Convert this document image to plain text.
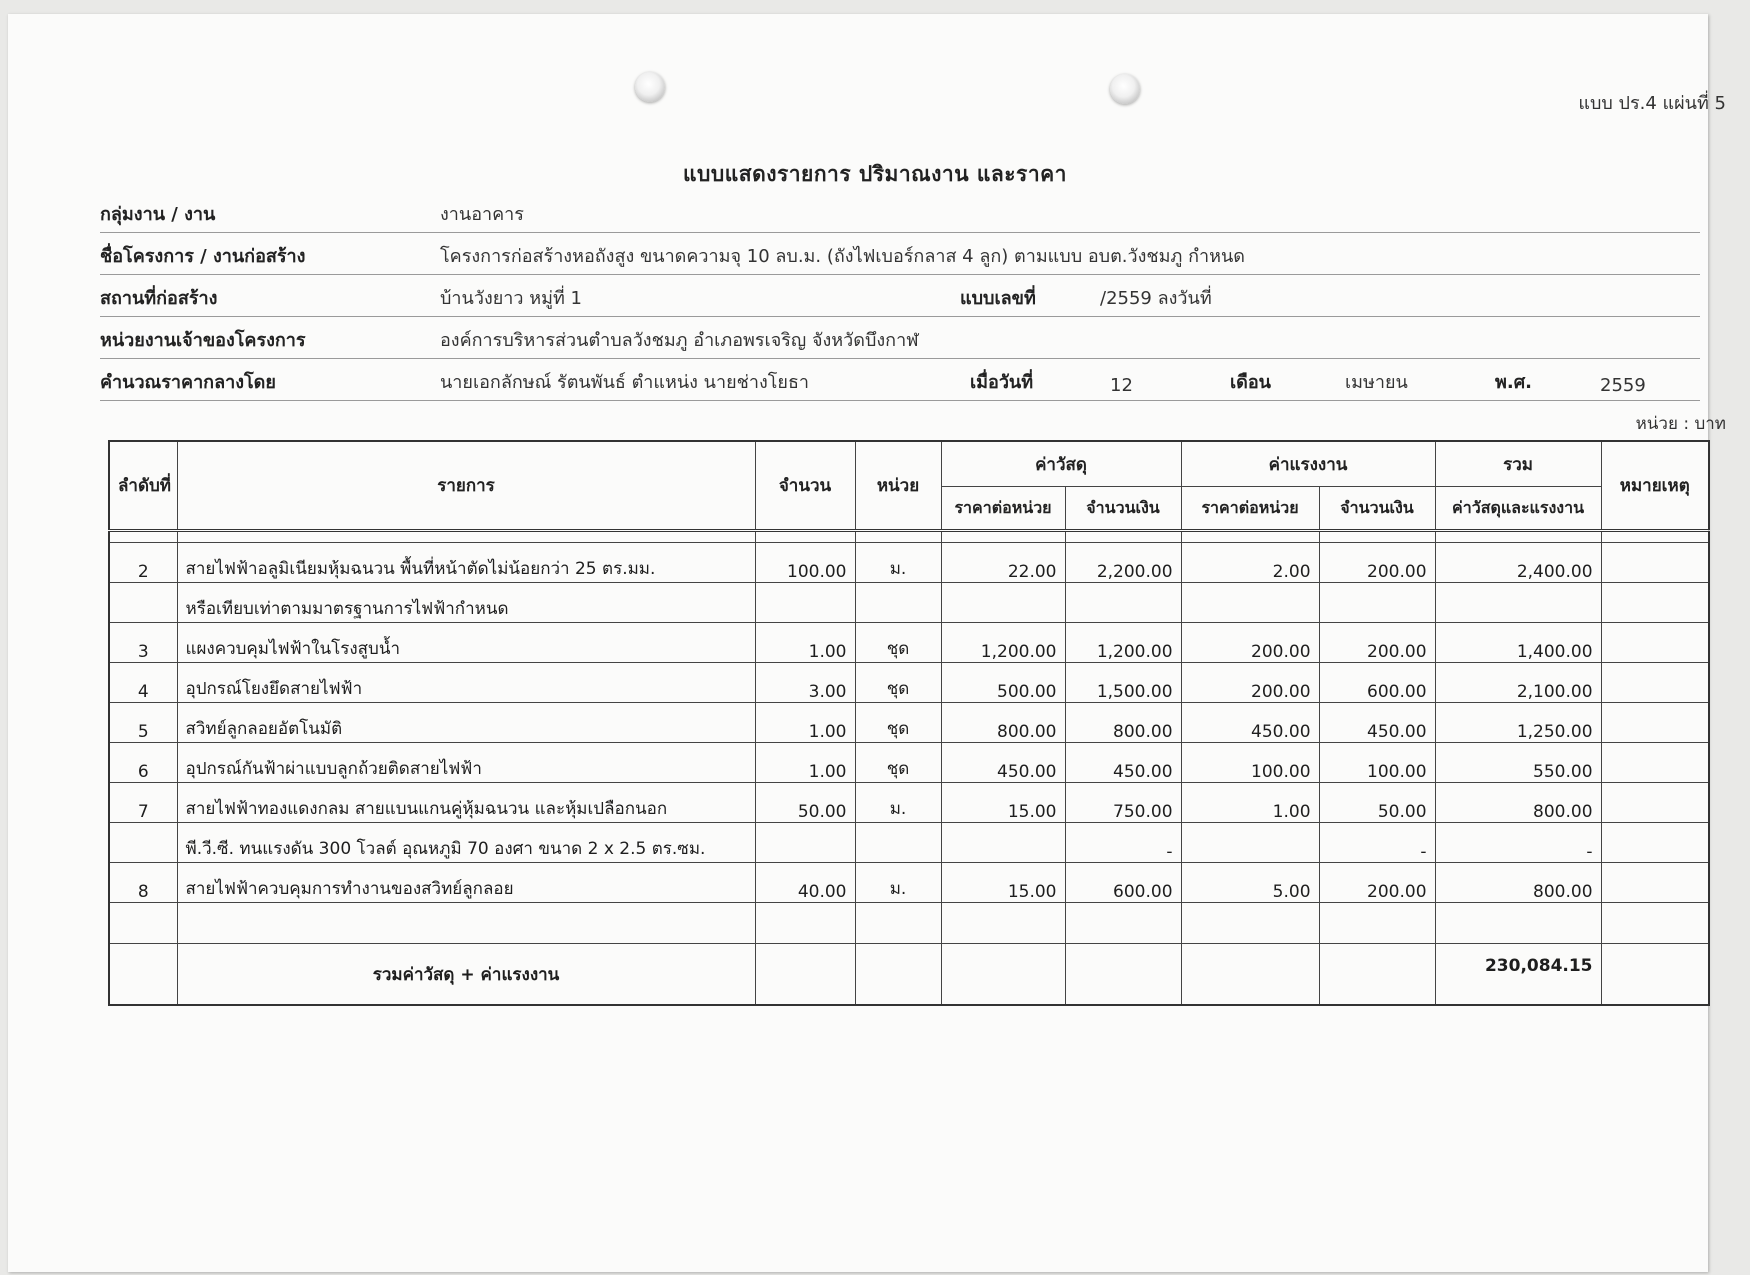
แบบ ปร.4 แผ่นที่ 5
แบบแสดงรายการ ปริมาณงาน และราคา
กลุ่มงาน / งาน	งานอาคาร
ชื่อโครงการ / งานก่อสร้าง	โครงการก่อสร้างหอถังสูง ขนาดความจุ 10 ลบ.ม. (ถังไฟเบอร์กลาส 4 ลูก) ตามแบบ อบต.วังชมภู กำหนด
สถานที่ก่อสร้าง	บ้านวังยาว หมู่ที่ 1	แบบเลขที่	/2559 ลงวันที่
หน่วยงานเจ้าของโครงการ	องค์การบริหารส่วนตำบลวังชมภู อำเภอพรเจริญ จังหวัดบึงกาฬ
คำนวณราคากลางโดย	นายเอกลักษณ์ รัตนพันธ์ ตำแหน่ง นายช่างโยธา	เมื่อวันที่	12	เดือน	เมษายน	พ.ศ.	2559
หน่วย : บาท
ลำดับที่	รายการ	จำนวน	หน่วย	ค่าวัสดุ		ค่าแรงงาน		รวม	หมายเหตุ
				ราคาต่อหน่วย	จำนวนเงิน	ราคาต่อหน่วย	จำนวนเงิน	ค่าวัสดุและแรงงาน	

2	สายไฟฟ้าอลูมิเนียมหุ้มฉนวน พื้นที่หน้าตัดไม่น้อยกว่า 25 ตร.มม.	100.00	ม.	22.00	2,200.00	2.00	200.00	2,400.00	
	หรือเทียบเท่าตามมาตรฐานการไฟฟ้ากำหนด								
3	แผงควบคุมไฟฟ้าในโรงสูบน้ำ	1.00	ชุด	1,200.00	1,200.00	200.00	200.00	1,400.00	
4	อุปกรณ์โยงยึดสายไฟฟ้า	3.00	ชุด	500.00	1,500.00	200.00	600.00	2,100.00	
5	สวิทย์ลูกลอยอัตโนมัติ	1.00	ชุด	800.00	800.00	450.00	450.00	1,250.00	
6	อุปกรณ์กันฟ้าผ่าแบบลูกถ้วยติดสายไฟฟ้า	1.00	ชุด	450.00	450.00	100.00	100.00	550.00	
7	สายไฟฟ้าทองแดงกลม สายแบนแกนคู่หุ้มฉนวน และหุ้มเปลือกนอก	50.00	ม.	15.00	750.00	1.00	50.00	800.00	
	พี.วี.ซี. ทนแรงดัน 300 โวลต์ อุณหภูมิ 70 องศา ขนาด 2 x 2.5 ตร.ซม.				-		-	-	
8	สายไฟฟ้าควบคุมการทำงานของสวิทย์ลูกลอย	40.00	ม.	15.00	600.00	5.00	200.00	800.00	

	รวมค่าวัสดุ + ค่าแรงงาน							230,084.15	
